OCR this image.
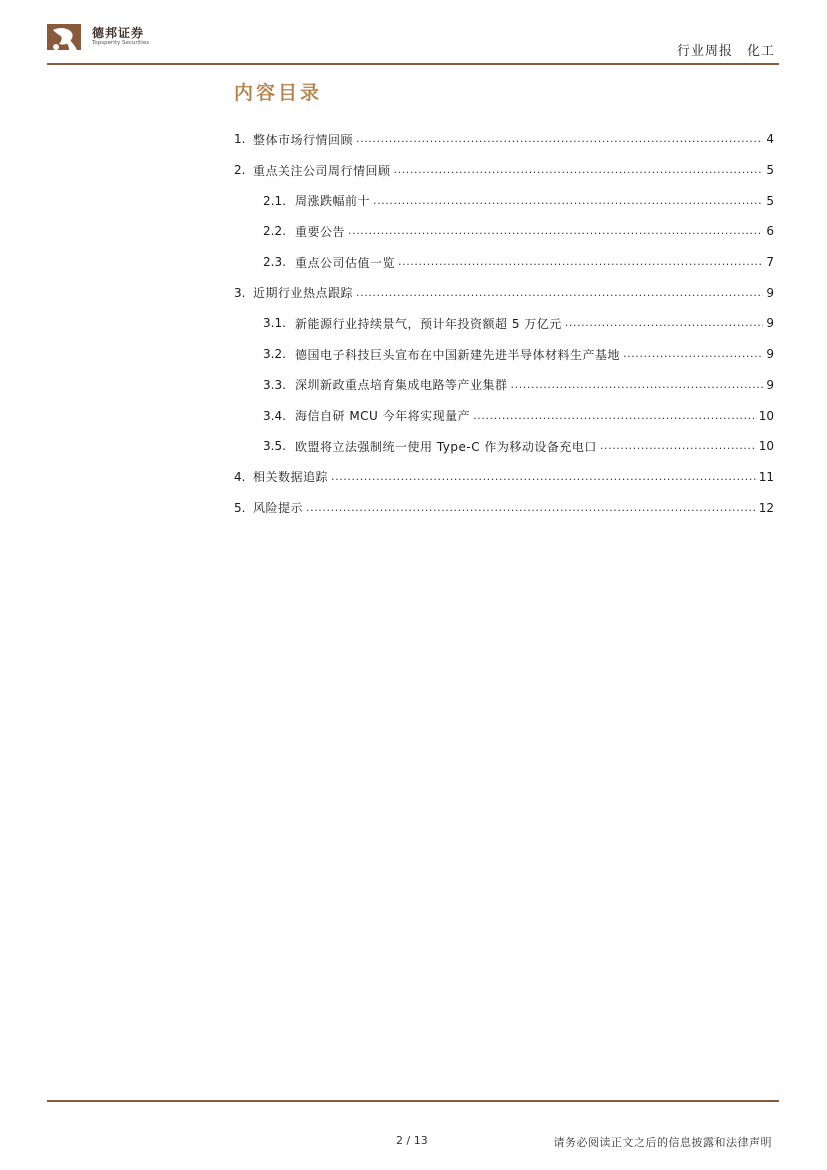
德邦证券
Topsperity Securities
行业周报 化工
内容目录
1. 整体市场行情回顾 .....	4
2. 重点关注公司周行情回顾 .....	5
2.1. 周涨跌幅前十 .....	5
2.2. 重要公告 .....	6
2.3. 重点公司估值一览 .....	7
3. 近期行业热点跟踪 .....	9
3.1. 新能源行业持续景气，预计年投资额超 5 万亿元 .....	9
3.2. 德国电子科技巨头宣布在中国新建先进半导体材料生产基地 .....	9
3.3. 深圳新政重点培育集成电路等产业集群 .....	9
3.4. 海信自研 MCU 今年将实现量产 .....	10
3.5. 欧盟将立法强制统一使用 Type-C 作为移动设备充电口 .....	10
4. 相关数据追踪 .....	11
5. 风险提示 .....	12
2 / 13	请务必阅读正文之后的信息披露和法律声明
